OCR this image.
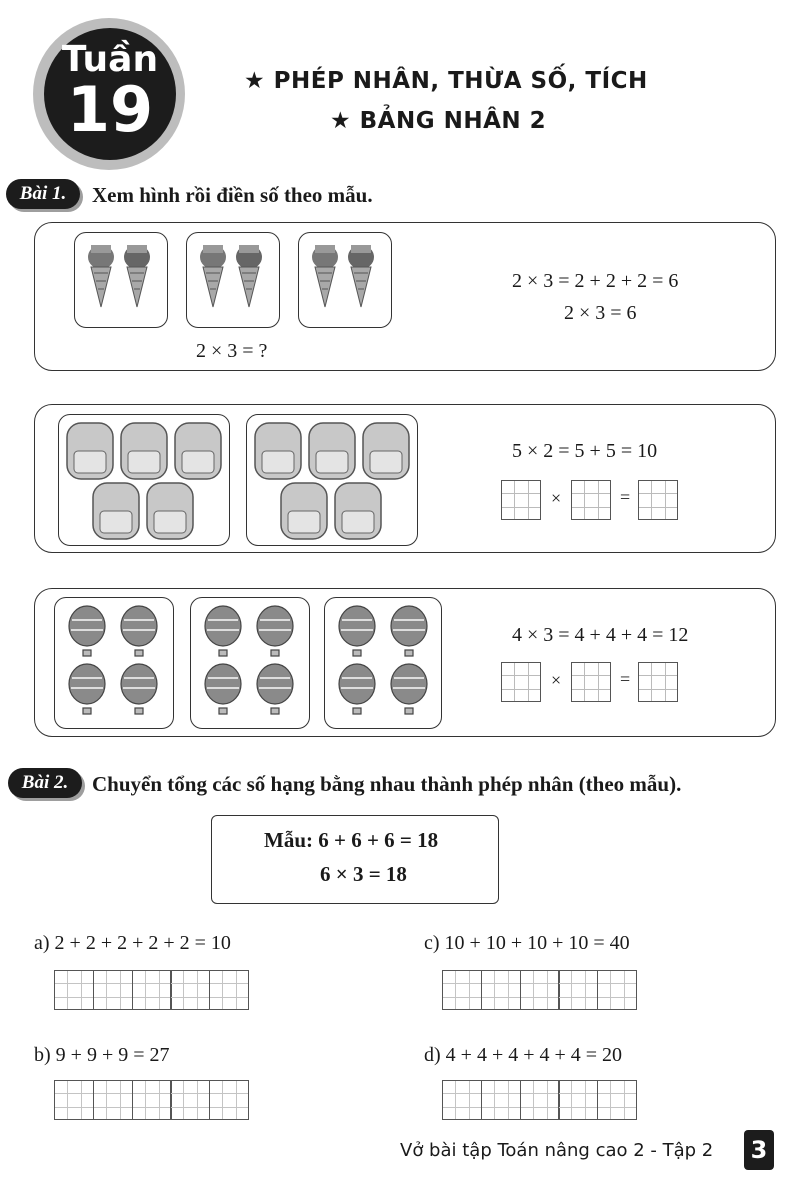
Tuần
19	★ PHÉP NHÂN, THỪA SỐ, TÍCH
★ BẢNG NHÂN 2
Bài 1.	Xem hình rồi điền số theo mẫu.
2 × 3 = ?
2 × 3 = 2 + 2 + 2 = 6
2 × 3 = 6
5 × 2 = 5 + 5 = 10
×	=
4 × 3 = 4 + 4 + 4 = 12
×	=
Bài 2.	Chuyển tổng các số hạng bằng nhau thành phép nhân (theo mẫu).
Mẫu: 6 + 6 + 6 = 18
6 × 3 = 18
a) 2 + 2 + 2 + 2 + 2 = 10	c) 10 + 10 + 10 + 10 = 40
b) 9 + 9 + 9 = 27	d) 4 + 4 + 4 + 4 + 4 = 20
Vở bài tập Toán nâng cao 2 - Tập 2 3
